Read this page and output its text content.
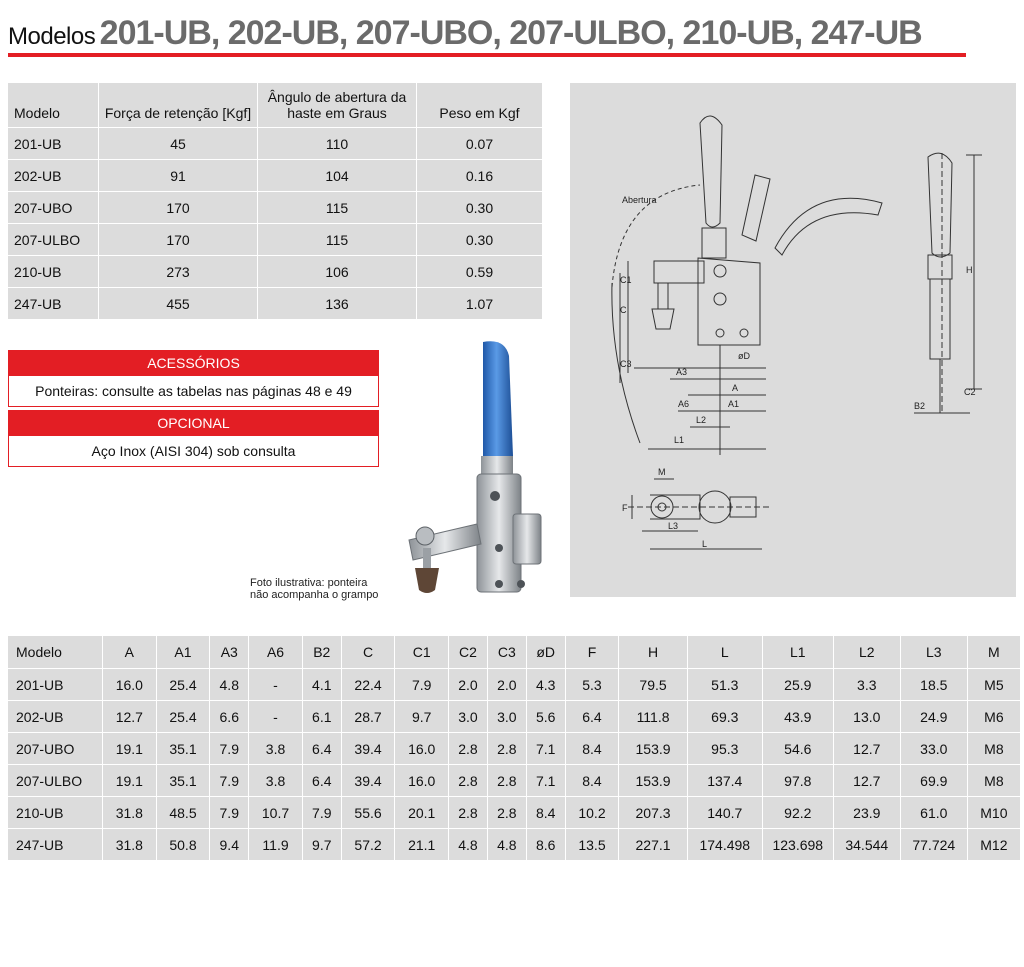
Modelos 201-UB, 202-UB, 207-UBO, 207-ULBO, 210-UB, 247-UB
Modelo	Força de retenção [Kgf]	Ângulo de abertura da haste em Graus	Peso em Kgf
201-UB	45	110	0.07
202-UB	91	104	0.16
207-UBO	170	115	0.30
207-ULBO	170	115	0.30
210-UB	273	106	0.59
247-UB	455	136	1.07
ACESSÓRIOS
Ponteiras: consulte as tabelas nas páginas 48 e 49
OPCIONAL
Aço Inox (AISI 304) sob consulta
Foto ilustrativa: ponteira
não acompanha o grampo
Abertura
H
C1
C
C3
øD
A3
A
A6	A1
L2
L1
B2
C2
M
F
L3
L
Modelo	A	A1	A3	A6	B2	C	C1	C2	C3	øD	F	H	L	L1	L2	L3	M
201-UB	16.0	25.4	4.8	-	4.1	22.4	7.9	2.0	2.0	4.3	5.3	79.5	51.3	25.9	3.3	18.5	M5
202-UB	12.7	25.4	6.6	-	6.1	28.7	9.7	3.0	3.0	5.6	6.4	111.8	69.3	43.9	13.0	24.9	M6
207-UBO	19.1	35.1	7.9	3.8	6.4	39.4	16.0	2.8	2.8	7.1	8.4	153.9	95.3	54.6	12.7	33.0	M8
207-ULBO	19.1	35.1	7.9	3.8	6.4	39.4	16.0	2.8	2.8	7.1	8.4	153.9	137.4	97.8	12.7	69.9	M8
210-UB	31.8	48.5	7.9	10.7	7.9	55.6	20.1	2.8	2.8	8.4	10.2	207.3	140.7	92.2	23.9	61.0	M10
247-UB	31.8	50.8	9.4	11.9	9.7	57.2	21.1	4.8	4.8	8.6	13.5	227.1	174.498	123.698	34.544	77.724	M12
